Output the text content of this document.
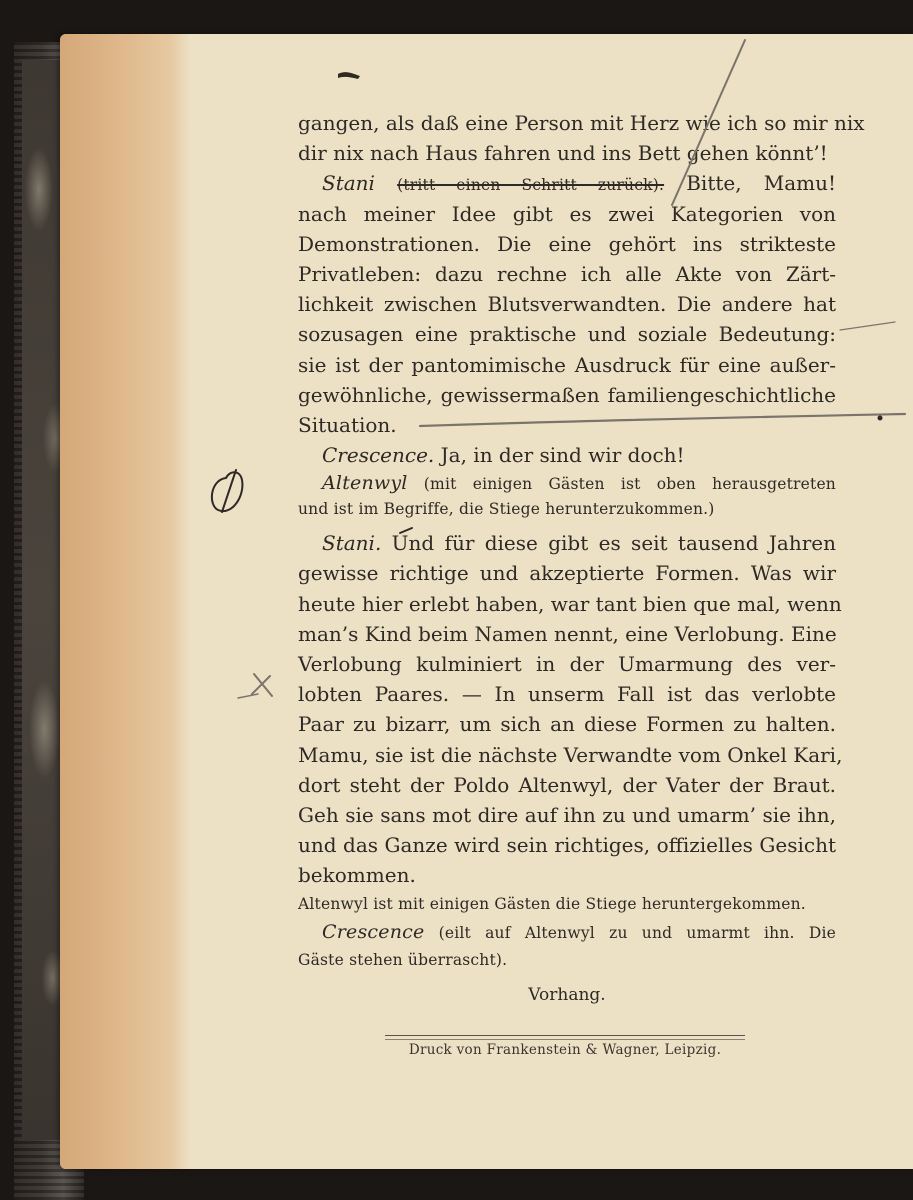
gangen, als daß eine Person mit Herz wie ich so mir nix
dir nix nach Haus fahren und ins Bett gehen könnt’!
Stani (tritt einen Schritt zurück). Bitte, Mamu!
nach meiner Idee gibt es zwei Kategorien von
Demonstrationen. Die eine gehört ins strikteste
Privatleben: dazu rechne ich alle Akte von Zärt-
lichkeit zwischen Blutsverwandten. Die andere hat
sozusagen eine praktische und soziale Bedeutung:
sie ist der pantomimische Ausdruck für eine außer-
gewöhnliche, gewissermaßen familiengeschichtliche
Situation.
Crescence. Ja, in der sind wir doch!
Altenwyl (mit einigen Gästen ist oben herausgetreten
und ist im Begriffe, die Stiege herunterzukommen.)
Stani. Und für diese gibt es seit tausend Jahren
gewisse richtige und akzeptierte Formen. Was wir
heute hier erlebt haben, war tant bien que mal, wenn
man’s Kind beim Namen nennt, eine Verlobung. Eine
Verlobung kulminiert in der Umarmung des ver-
lobten Paares. — In unserm Fall ist das verlobte
Paar zu bizarr, um sich an diese Formen zu halten.
Mamu, sie ist die nächste Verwandte vom Onkel Kari,
dort steht der Poldo Altenwyl, der Vater der Braut.
Geh sie sans mot dire auf ihn zu und umarm’ sie ihn,
und das Ganze wird sein richtiges, offizielles Gesicht
bekommen.
Altenwyl ist mit einigen Gästen die Stiege heruntergekommen.
Crescence (eilt auf Altenwyl zu und umarmt ihn. Die
Gäste stehen überrascht).
Vorhang.
Druck von Frankenstein & Wagner, Leipzig.
